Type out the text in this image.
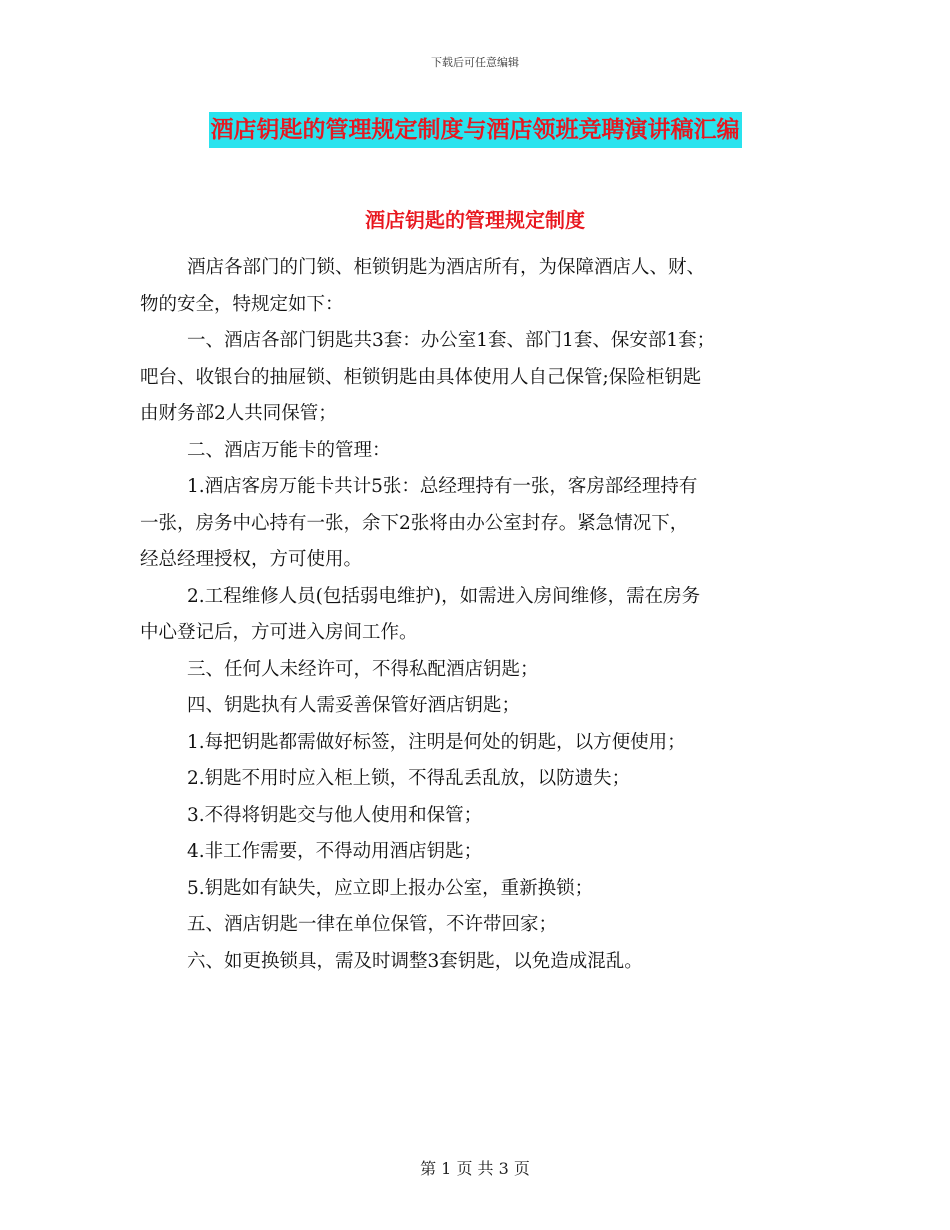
下载后可任意编辑
酒店钥匙的管理规定制度与酒店领班竞聘演讲稿汇编
酒店钥匙的管理规定制度

酒店各部门的门锁、柜锁钥匙为酒店所有，为保障酒店人、财、
物的安全，特规定如下：

一、酒店各部门钥匙共3套：办公室1套、部门1套、保安部1套；
吧台、收银台的抽屉锁、柜锁钥匙由具体使用人自己保管;保险柜钥匙
由财务部2人共同保管；

二、酒店万能卡的管理：

1.酒店客房万能卡共计5张：总经理持有一张，客房部经理持有
一张，房务中心持有一张，余下2张将由办公室封存。紧急情况下，
经总经理授权，方可使用。

2.工程维修人员(包括弱电维护)，如需进入房间维修，需在房务
中心登记后，方可进入房间工作。

三、任何人未经许可，不得私配酒店钥匙；

四、钥匙执有人需妥善保管好酒店钥匙；

1.每把钥匙都需做好标签，注明是何处的钥匙，以方便使用；

2.钥匙不用时应入柜上锁，不得乱丢乱放，以防遗失；

3.不得将钥匙交与他人使用和保管；

4.非工作需要，不得动用酒店钥匙；

5.钥匙如有缺失，应立即上报办公室，重新换锁；

五、酒店钥匙一律在单位保管，不许带回家；

六、如更换锁具，需及时调整3套钥匙，以免造成混乱。

第 1 页 共 3 页
